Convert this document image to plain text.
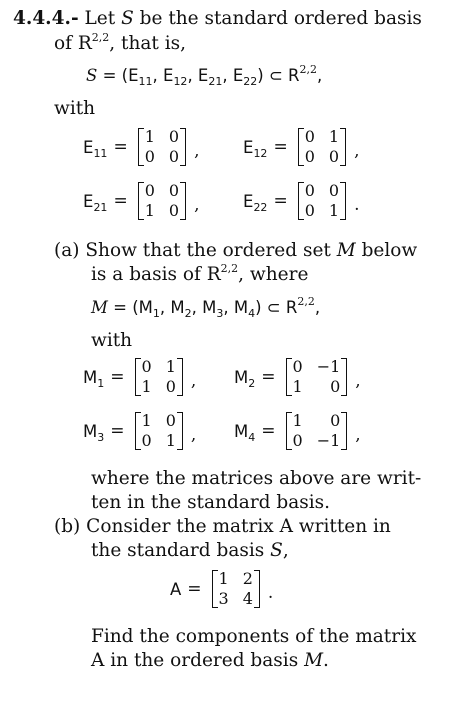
4.4.4.- Let S be the standard ordered basis
of R$^{2,2}$, that is,
$S = (E_{11}$, $E_{12}$, $E_{21}$, $E_{22}$) ⊂ R$^{2,2}$,
with
$E_{11}$ =
1 0
0 0 ,	$E_{12}$ =
0 1
0 0 ,
$E_{21}$ =
0 0
1 0 ,	$E_{22}$ =
0 0
0 1 .
(a) Show that the ordered set M below
is a basis of R$^{2,2}$, where
$M = (M_1$, $M_2$, $M_3$, $M_4$) ⊂ R$^{2,2}$,
with
$M_1$ =
0 1
1 0 , $M_2$ =
0 −1
1	0 ,
$M_3$ =
1 0
0 1 , $M_4$ =
1	0
0 −1 ,
where the matrices above are writ-
ten in the standard basis.
(b) Consider the matrix A written in
the standard basis S,
A =
1 2
3 4 .
Find the components of the matrix
A in the ordered basis M.
